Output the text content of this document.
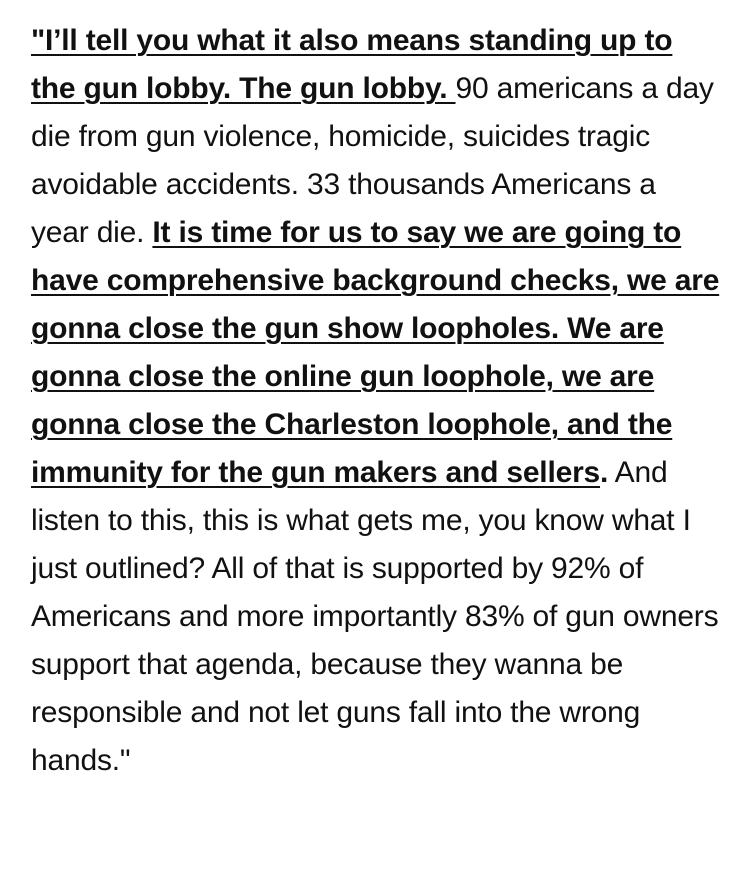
"I’ll tell you what it also means standing up to the gun lobby. The gun lobby. 90 americans a day die from gun violence, homicide, suicides tragic avoidable accidents. 33 thousands Americans a year die. It is time for us to say we are going to have comprehensive background checks, we are gonna close the gun show loopholes. We are gonna close the online gun loophole, we are gonna close the Charleston loophole, and the immunity for the gun makers and sellers. And listen to this, this is what gets me, you know what I just outlined? All of that is supported by 92% of Americans and more importantly 83% of gun owners support that agenda, because they wanna be responsible and not let guns fall into the wrong hands."
